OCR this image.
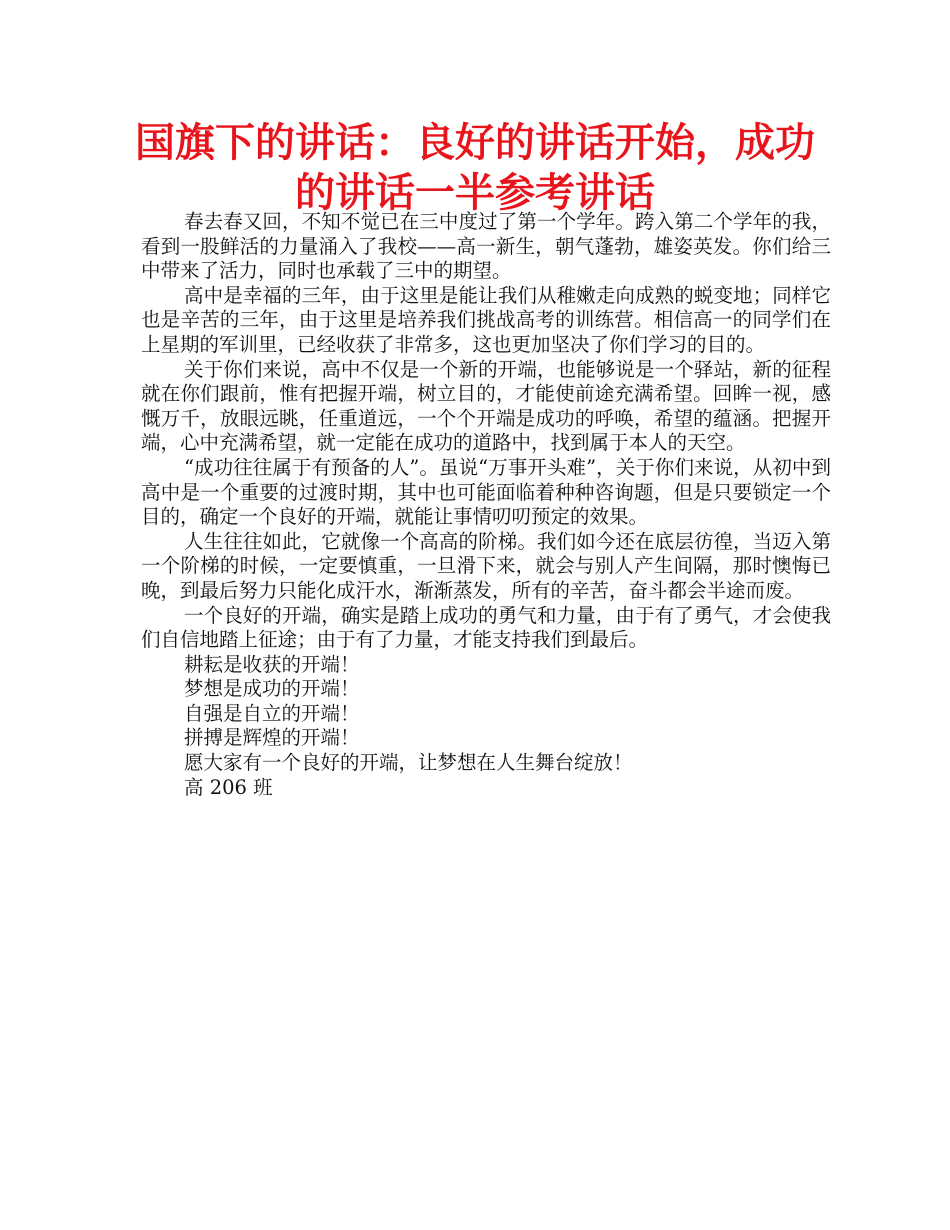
国旗下的讲话：良好的讲话开始，成功的讲话一半参考讲话

春去春又回，不知不觉已在三中度过了第一个学年。跨入第二个学年的我，看到一股鲜活的力量涌入了我校——高一新生，朝气蓬勃，雄姿英发。你们给三中带来了活力，同时也承载了三中的期望。

高中是幸福的三年，由于这里是能让我们从稚嫩走向成熟的蜕变地；同样它也是辛苦的三年，由于这里是培养我们挑战高考的训练营。相信高一的同学们在上星期的军训里，已经收获了非常多，这也更加坚决了你们学习的目的。

关于你们来说，高中不仅是一个新的开端，也能够说是一个驿站，新的征程就在你们跟前，惟有把握开端，树立目的，才能使前途充满希望。回眸一视，感慨万千，放眼远眺，任重道远，一个个开端是成功的呼唤，希望的蕴涵。把握开端，心中充满希望，就一定能在成功的道路中，找到属于本人的天空。

“成功往往属于有预备的人”。虽说“万事开头难”，关于你们来说，从初中到高中是一个重要的过渡时期，其中也可能面临着种种咨询题，但是只要锁定一个目的，确定一个良好的开端，就能让事情叨叨预定的效果。

人生往往如此，它就像一个高高的阶梯。我们如今还在底层彷徨，当迈入第一个阶梯的时候，一定要慎重，一旦滑下来，就会与别人产生间隔，那时懊悔已晚，到最后努力只能化成汗水，渐渐蒸发，所有的辛苦，奋斗都会半途而废。

一个良好的开端，确实是踏上成功的勇气和力量，由于有了勇气，才会使我们自信地踏上征途；由于有了力量，才能支持我们到最后。

耕耘是收获的开端！

梦想是成功的开端！

自强是自立的开端！

拼搏是辉煌的开端！

愿大家有一个良好的开端，让梦想在人生舞台绽放！

高 206 班
